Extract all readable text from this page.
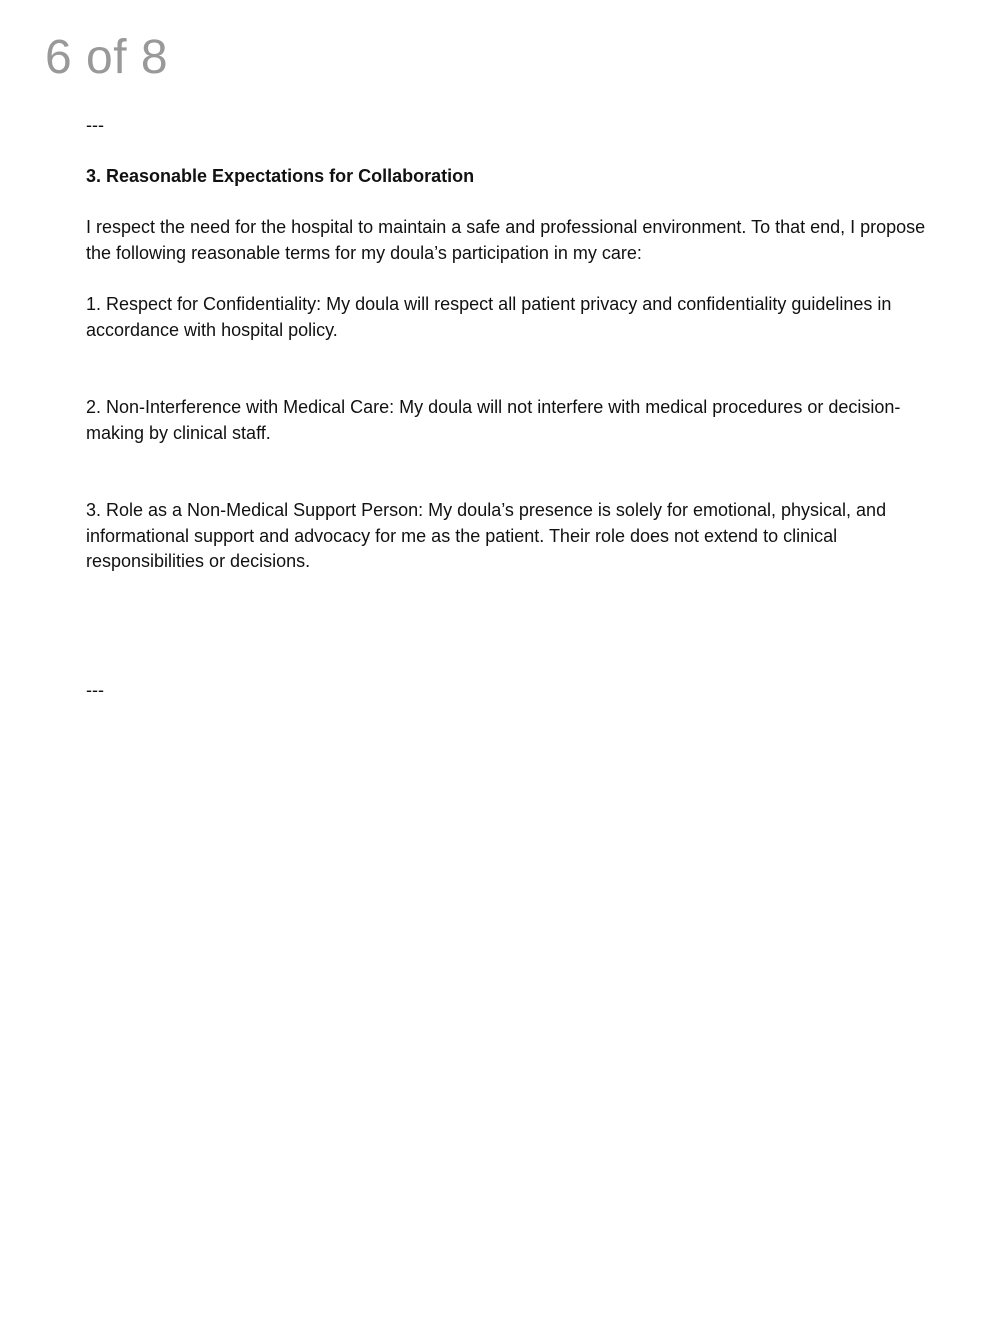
6 of 8
---
3. Reasonable Expectations for Collaboration
I respect the need for the hospital to maintain a safe and professional environment. To that end, I propose the following reasonable terms for my doula’s participation in my care:
1. Respect for Confidentiality: My doula will respect all patient privacy and confidentiality guidelines in accordance with hospital policy.
2. Non-Interference with Medical Care: My doula will not interfere with medical procedures or decision-making by clinical staff.
3. Role as a Non-Medical Support Person: My doula’s presence is solely for emotional, physical, and informational support and advocacy for me as the patient. Their role does not extend to clinical responsibilities or decisions.
---
